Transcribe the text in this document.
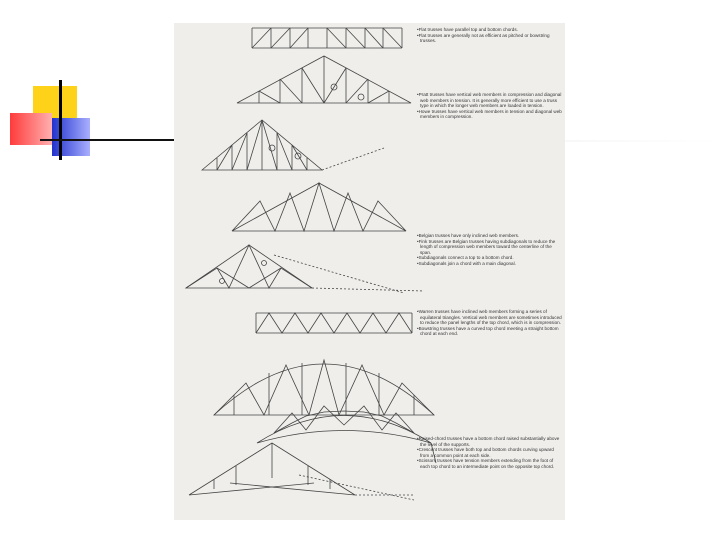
• Flat trusses have parallel top and bottom chords.

• Flat trusses are generally not as efficient as pitched or bowstring trusses.

• Pratt trusses have vertical web members in compression and diagonal web members in tension. It is generally more efficient to use a truss type in which the longer web members are loaded in tension.

• Howe trusses have vertical web members in tension and diagonal web members in compression.

• Belgian trusses have only inclined web members.

• Fink trusses are Belgian trusses having subdiagonals to reduce the length of compression web members toward the centerline of the span.

• Subdiagonals connect a top to a bottom chord.

• Subdiagonals join a chord with a main diagonal.

• Warren trusses have inclined web members forming a series of equilateral triangles. Vertical web members are sometimes introduced to reduce the panel lengths of the top chord, which is in compression.

• Bowstring trusses have a curved top chord meeting a straight bottom chord at each end.

• Raised-chord trusses have a bottom chord raised substantially above the level of the supports.

• Crescent trusses have both top and bottom chords curving upward from a common point at each side.

• Scissors trusses have tension members extending from the foot of each top chord to an intermediate point on the opposite top chord.
